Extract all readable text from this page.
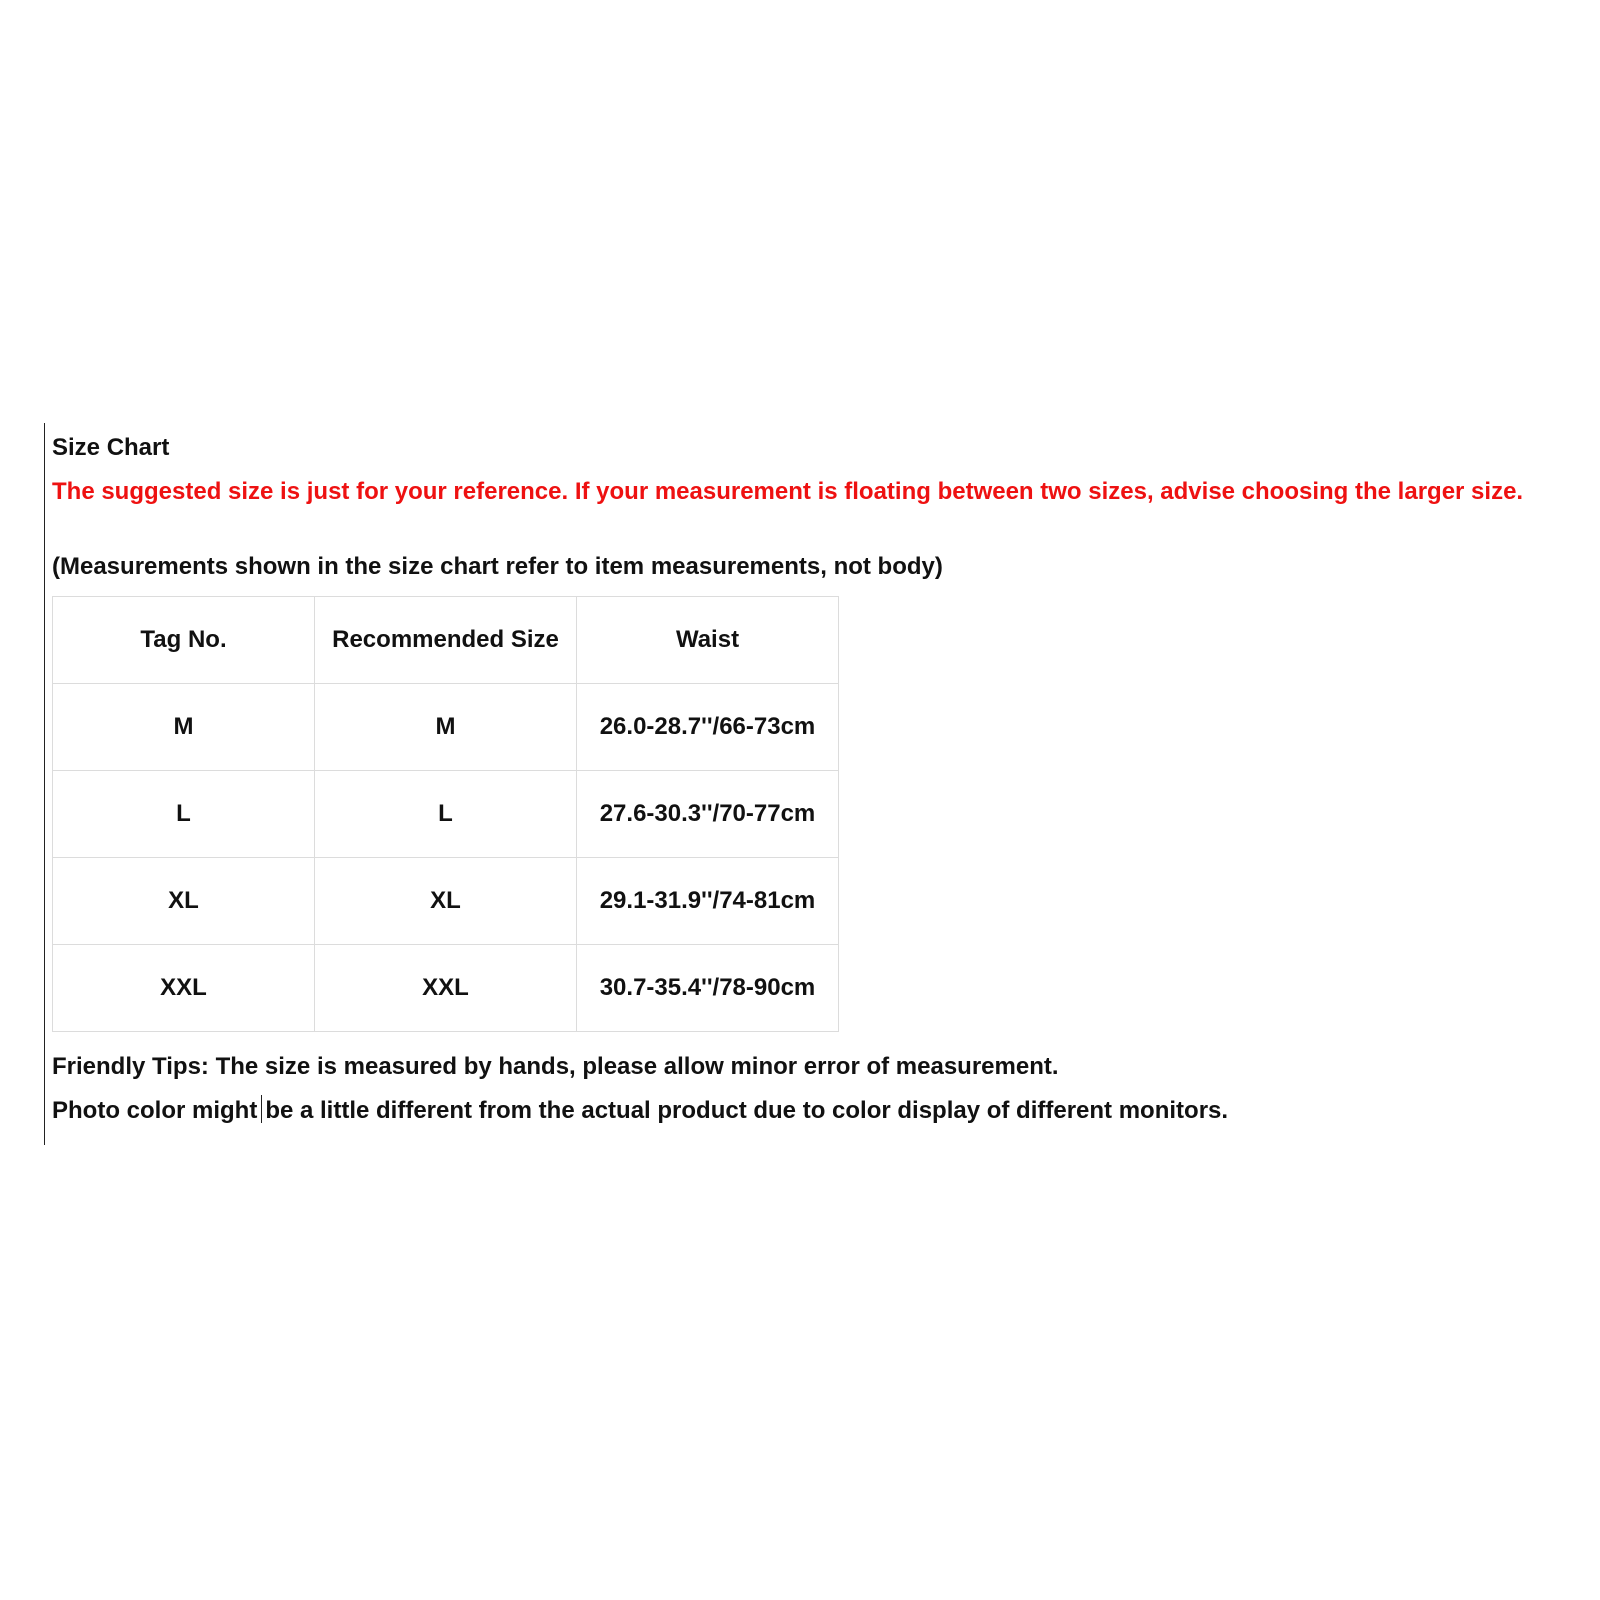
Size Chart
The suggested size is just for your reference. If your measurement is floating between two sizes, advise choosing the larger size.
(Measurements shown in the size chart refer to item measurements, not body)
Tag No.	Recommended Size	Waist
M	M	26.0-28.7''/66-73cm
L	L	27.6-30.3''/70-77cm
XL	XL	29.1-31.9''/74-81cm
XXL	XXL	30.7-35.4''/78-90cm
Friendly Tips: The size is measured by hands, please allow minor error of measurement.
Photo color might be a little different from the actual product due to color display of different monitors.
